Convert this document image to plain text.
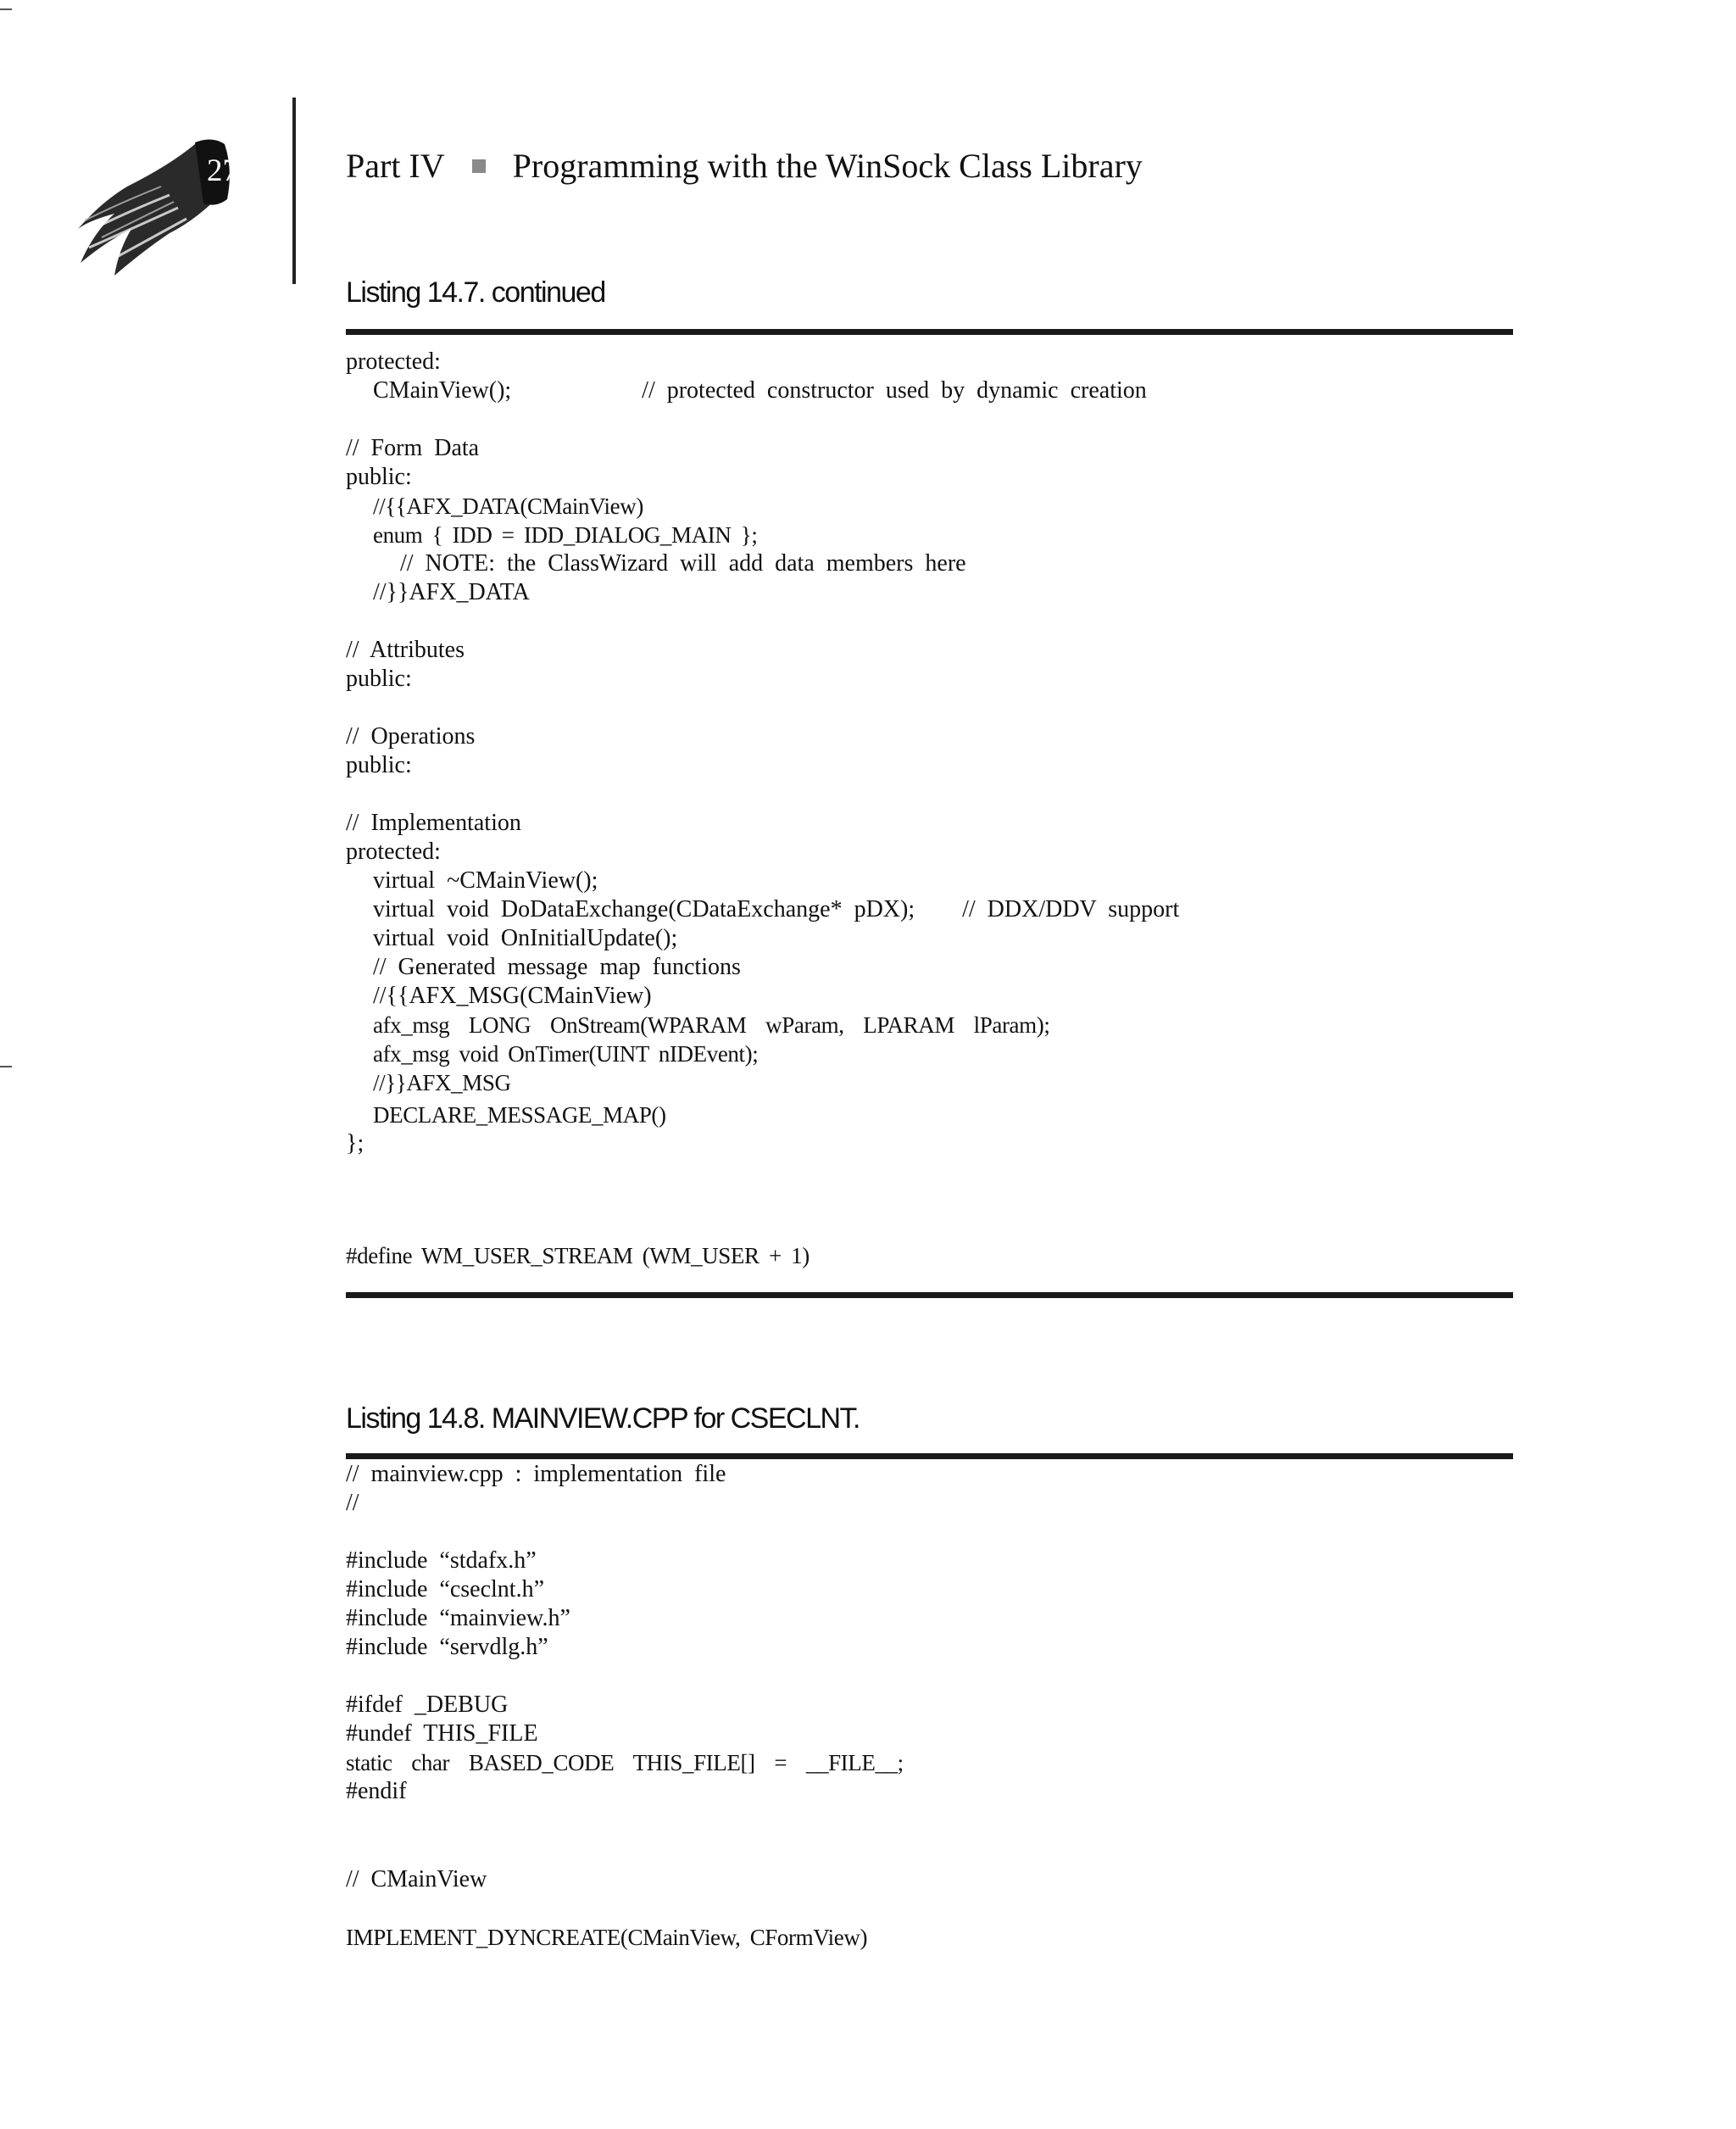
276	Part IV Programming with the WinSock Class Library
Listing 14.7. continued
protected:
CMainView();           // protected constructor used by dynamic creation
// Form Data
public:
//{{AFX_DATA(CMainView)
enum { IDD = IDD_DIALOG_MAIN };
// NOTE: the ClassWizard will add data members here
//}}AFX_DATA
// Attributes
public:
// Operations
public:
// Implementation
protected:
virtual ~CMainView();
virtual void DoDataExchange(CDataExchange* pDX);    // DDX/DDV support
virtual void OnInitialUpdate();
// Generated message map functions
//{{AFX_MSG(CMainView)
afx_msg  LONG  OnStream(WPARAM  wParam,  LPARAM  lParam);
afx_msg void OnTimer(UINT nIDEvent);
//}}AFX_MSG
DECLARE_MESSAGE_MAP()
};
#define WM_USER_STREAM (WM_USER + 1)
Listing 14.8. MAINVIEW.CPP for CSECLNT.
// mainview.cpp : implementation file
//
#include “stdafx.h”
#include “cseclnt.h”
#include “mainview.h”
#include “servdlg.h”
#ifdef _DEBUG
#undef THIS_FILE
static  char  BASED_CODE  THIS_FILE[]  =  __FILE__;
#endif
// CMainView
IMPLEMENT_DYNCREATE(CMainView, CFormView)
